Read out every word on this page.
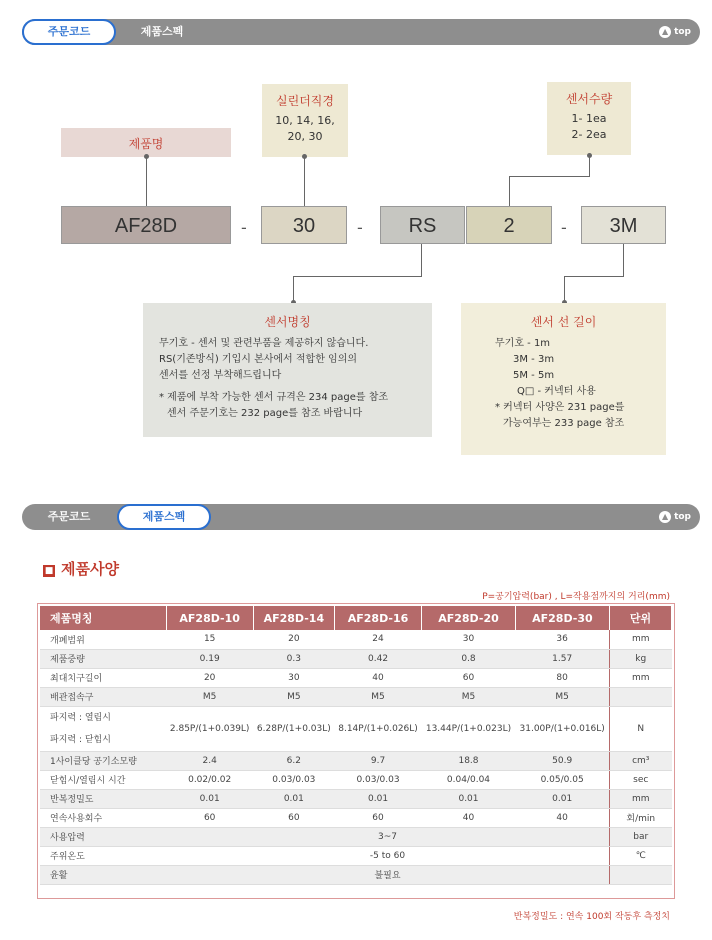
주문코드	제품스펙	▲ top
제품명
실린더직경
10, 14, 16,
20, 30
센서수량
1- 1ea
2- 2ea
AF28D	-	30	-	RS	2	-	3M
센서명칭
무기호 - 센서 및 관련부품을 제공하지 않습니다.
RS(기존방식) 기입시 본사에서 적합한 임의의
센서를 선정 부착해드립니다
* 제품에 부착 가능한 센서 규격은 234 page를 참조
센서 주문기호는 232 page를 참조 바랍니다
센서 선 길이
무기호 - 1m
3M - 3m
5M - 5m
Q□ - 커넥터 사용
* 커넥터 사양은 231 page를
가능여부는 233 page 참조
주문코드	제품스펙	▲ top
■ 제품사양
P=공기압력(bar) , L=작용점까지의 거리(mm)
제품명칭	AF28D-10	AF28D-14	AF28D-16	AF28D-20	AF28D-30	단위
개폐범위	15	20	24	30	36	mm
제품중량	0.19	0.3	0.42	0.8	1.57	kg
최대치구길이	20	30	40	60	80	mm
배관접속구	M5	M5	M5	M5	M5	

파지력 : 열림시
파지력 : 닫힘시	2.85P/(1+0.039L)	6.28P/(1+0.03L)	8.14P/(1+0.026L)	13.44P/(1+0.023L)	31.00P/(1+0.016L)	N
1사이클당 공기소모량	2.4	6.2	9.7	18.8	50.9	cm³
닫힘시/열림시 시간	0.02/0.02	0.03/0.03	0.03/0.03	0.04/0.04	0.05/0.05	sec
반복정밀도	0.01	0.01	0.01	0.01	0.01	mm
연속사용회수	60	60	60	40	40	회/min
사용압력	3~7					bar
주위온도	-5 to 60					℃
윤활	불필요					
반복정밀도 : 연속 100회 작동후 측정치
